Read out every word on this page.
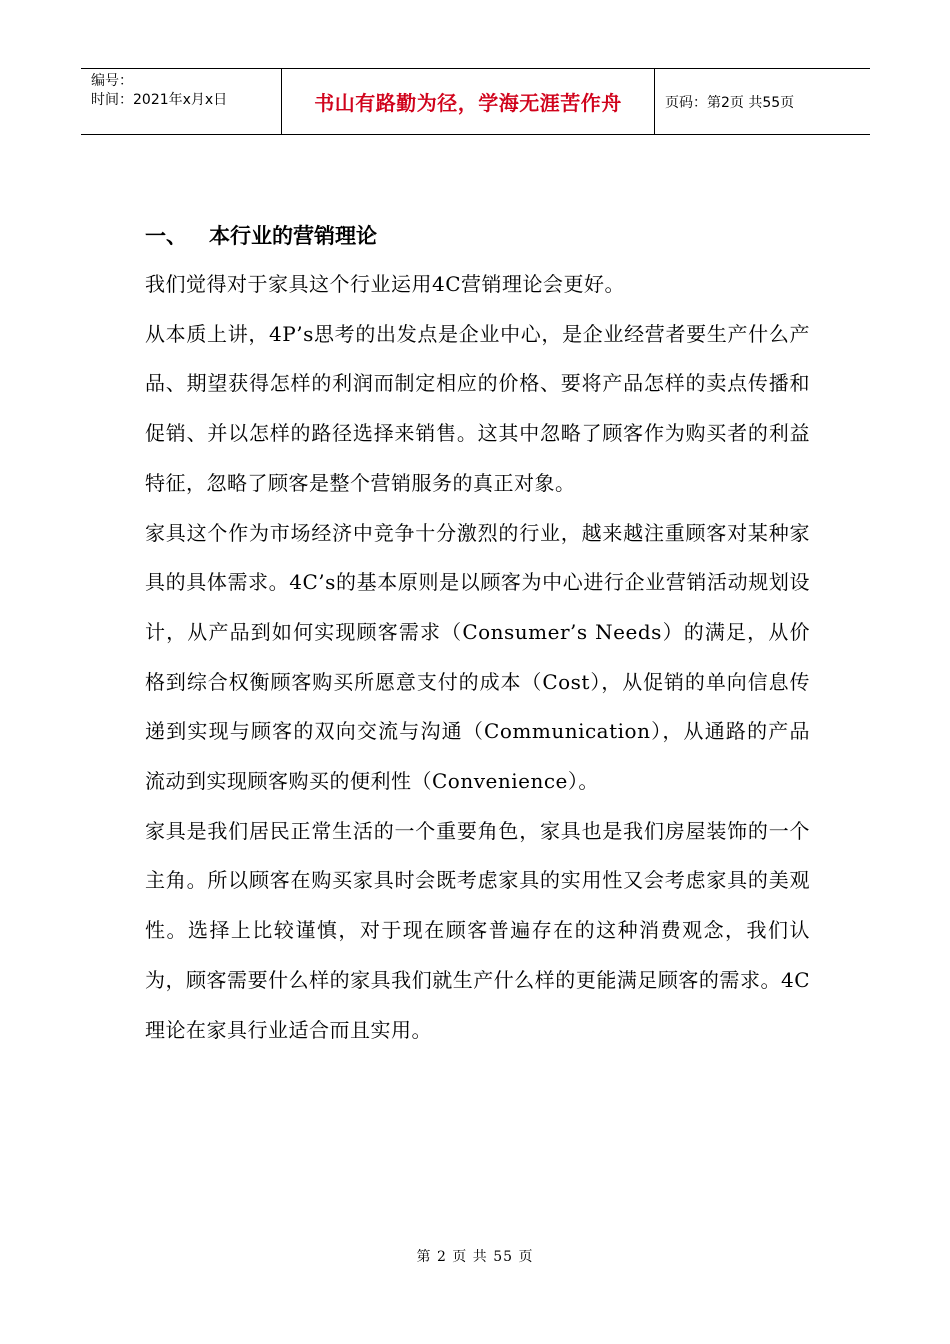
编号：
时间：2021年x月x日	书山有路勤为径，学海无涯苦作舟	页码：第2页 共55页
一、 本行业的营销理论

我们觉得对于家具这个行业运用4C营销理论会更好。

从本质上讲，4P’s思考的出发点是企业中心，是企业经营者要生产什么产品、期望获得怎样的利润而制定相应的价格、要将产品怎样的卖点传播和促销、并以怎样的路径选择来销售。这其中忽略了顾客作为购买者的利益特征，忽略了顾客是整个营销服务的真正对象。

家具这个作为市场经济中竞争十分激烈的行业，越来越注重顾客对某种家具的具体需求。4C’s的基本原则是以顾客为中心进行企业营销活动规划设计，从产品到如何实现顾客需求（Consumer’s Needs）的满足，从价格到综合权衡顾客购买所愿意支付的成本（Cost），从促销的单向信息传递到实现与顾客的双向交流与沟通（Communication），从通路的产品流动到实现顾客购买的便利性（Convenience）。

家具是我们居民正常生活的一个重要角色，家具也是我们房屋装饰的一个主角。所以顾客在购买家具时会既考虑家具的实用性又会考虑家具的美观性。选择上比较谨慎，对于现在顾客普遍存在的这种消费观念，我们认为，顾客需要什么样的家具我们就生产什么样的更能满足顾客的需求。4C理论在家具行业适合而且实用。

第 2 页 共 55 页
